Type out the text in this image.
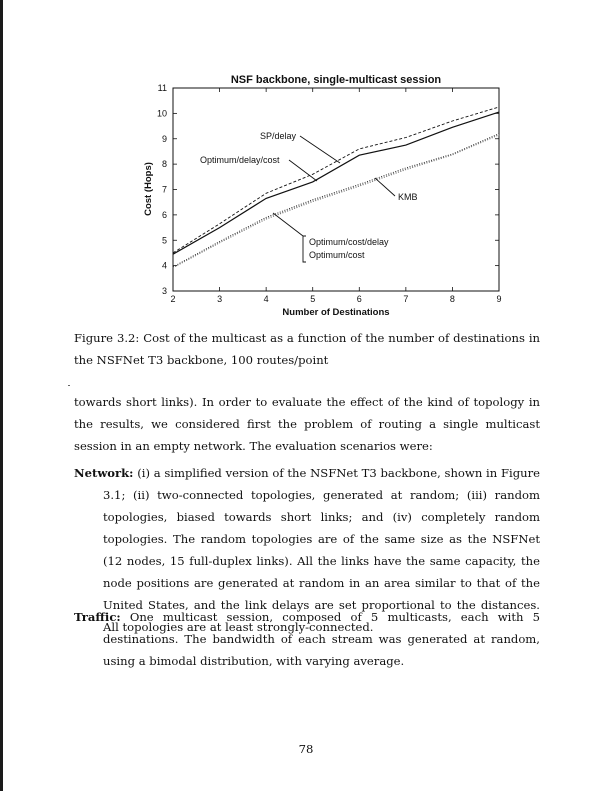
NSF backbone, single-multicast session
Number of Destinations
Cost (Hops)
2	3	4	5	6	7	8	9
3
4
5
6
7
8
9
10
11
SP/delay
Optimum/delay/cost
KMB
Optimum/cost/delay
Optimum/cost
Figure 3.2: Cost of the multicast as a function of the number of destinations in the NSFNet T3 backbone, 100 routes/point
towards short links). In order to evaluate the effect of the kind of topology in the results, we considered first the problem of routing a single multicast session in an empty network. The evaluation scenarios were:
Network: (i) a simplified version of the NSFNet T3 backbone, shown in Figure 3.1; (ii) two-connected topologies, generated at random; (iii) random topologies, biased towards short links; and (iv) completely random topologies. The random topologies are of the same size as the NSFNet (12 nodes, 15 full-duplex links). All the links have the same capacity, the node positions are generated at random in an area similar to that of the United States, and the link delays are set proportional to the distances. All topologies are at least strongly-connected.
Traffic: One multicast session, composed of 5 multicasts, each with 5 destinations. The bandwidth of each stream was generated at random, using a bimodal distribution, with varying average.
78
